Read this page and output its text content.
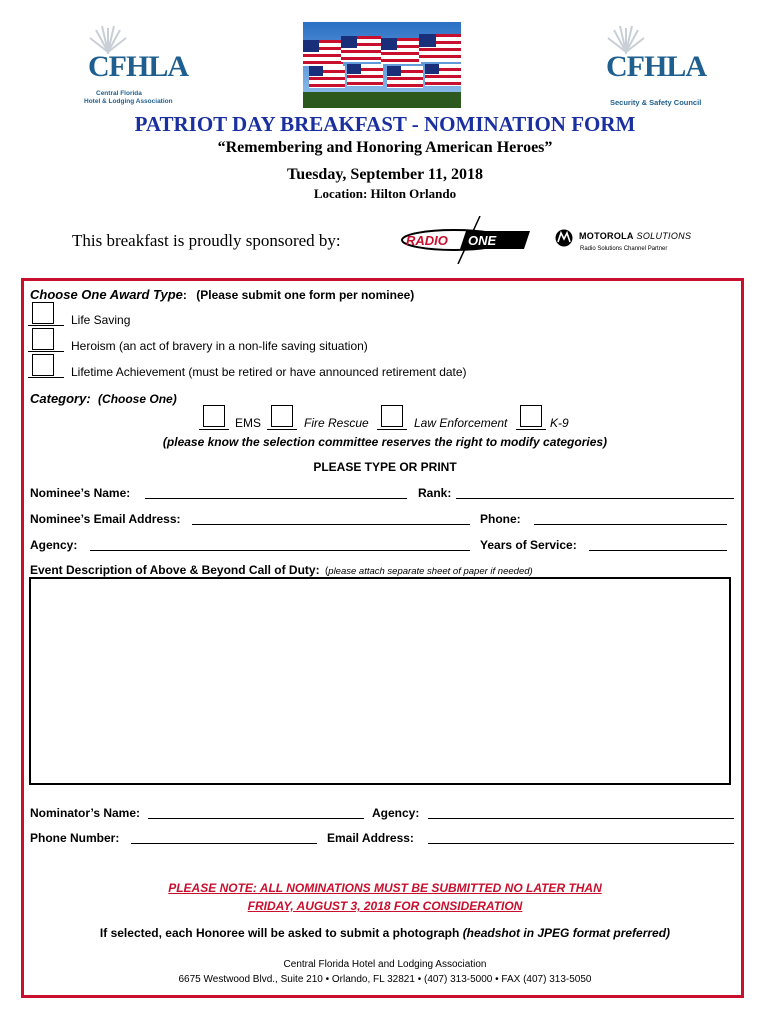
CFHLA
Central Florida
Hotel & Lodging Association
CFHLA
Security & Safety Council
PATRIOT DAY BREAKFAST - NOMINATION FORM
“Remembering and Honoring American Heroes”
Tuesday, September 11, 2018
Location: Hilton Orlando
This breakfast is proudly sponsored by:	RADIO ONE	MOTOROLA SOLUTIONS
Radio Solutions Channel Partner
Choose One Award Type: (Please submit one form per nominee)
Life Saving
Heroism (an act of bravery in a non-life saving situation)
Lifetime Achievement (must be retired or have announced retirement date)
Category: (Choose One)
EMS	Fire Rescue	Law Enforcement	K-9
(please know the selection committee reserves the right to modify categories)
PLEASE TYPE OR PRINT
Nominee’s Name:	Rank:
Nominee’s Email Address:	Phone:
Agency:	Years of Service:
Event Description of Above & Beyond Call of Duty: (please attach separate sheet of paper if needed)
Nominator’s Name:	Agency:
Phone Number:	Email Address:
PLEASE NOTE: ALL NOMINATIONS MUST BE SUBMITTED NO LATER THAN
FRIDAY, AUGUST 3, 2018 FOR CONSIDERATION
If selected, each Honoree will be asked to submit a photograph (headshot in JPEG format preferred)
Central Florida Hotel and Lodging Association
6675 Westwood Blvd., Suite 210 • Orlando, FL 32821 • (407) 313-5000 • FAX (407) 313-5050
